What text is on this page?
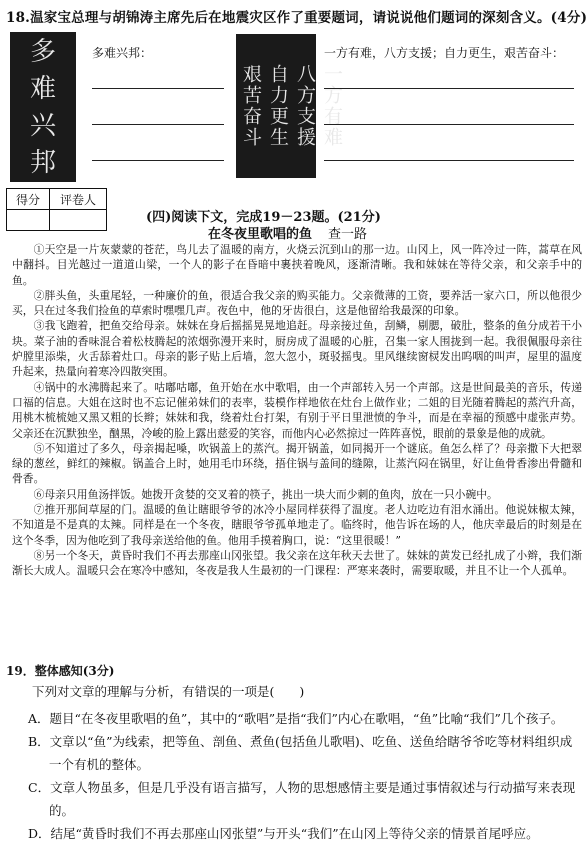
18.温家宝总理与胡锦涛主席先后在地震灾区作了重要题词，请说说他们题词的深刻含义。(4分)
多
难
兴
邦
多难兴邦：
一方有难
八方支援
自力更生
艰苦奋斗
一方有难，八方支援；自力更生，艰苦奋斗：
得分	评卷人

(四)阅读下文，完成19－23题。(21分)
在冬夜里歌唱的鱼 查一路

①天空是一片灰蒙蒙的苍茫，鸟儿去了温暖的南方，火烧云沉到山的那一边。山冈上，风一阵冷过一阵，蒿草在风中翻抖。目光越过一道道山梁，一个人的影子在昏暗中裹挟着晚风，逐渐清晰。我和妹妹在等待父亲，和父亲手中的鱼。

②胖头鱼，头重尾轻，一种廉价的鱼，很适合我父亲的购买能力。父亲微薄的工资，要养活一家六口，所以他很少买，只在过冬我们捡鱼的草索时嘿嘿几声。夜色中，他的牙齿很白，这是他留给我最深的印象。

③我飞跑着，把鱼交给母亲。妹妹在身后摇摇晃晃地追赶。母亲接过鱼，刮鳞，剔腮，破肚，整条的鱼分成若干小块。菜子油的香味混合着松枝腾起的浓烟弥漫开来时，厨房成了温暖的心脏，召集一家人围拢到一起。我很佩服母亲往炉膛里添柴，火舌舔着灶口。母亲的影子贴上后墙，忽大忽小，斑驳摇曳。里风继续窗棂发出呜咽的叫声，屋里的温度升起来，热量向着寒冷四散突围。

④锅中的水沸腾起来了。咕嘟咕嘟，鱼开始在水中歌唱，由一个声部转入另一个声部。这是世间最美的音乐，传递口福的信息。大姐在这时也不忘记催弟妹们的表率，装模作样地依在灶台上做作业；二姐的目光随着腾起的蒸汽升高，用桃木梳梳她又黑又粗的长辫；妹妹和我，绕着灶台打架，有别于平日里泄愤的争斗，而是在幸福的预感中虚张声势。父亲还在沉默独坐，酗黑，冷峻的脸上露出慈爱的笑容，而他内心必然掠过一阵阵喜悦，眼前的景象是他的成就。

⑤不知道过了多久，母亲揭起嗓，吹锅盖上的蒸汽。揭开锅盖，如同揭开一个谜底。鱼怎么样了？母亲撒下大把翠绿的葱丝，鲜红的辣椒。锅盖合上时，她用毛巾环绕，捂住锅与盖间的缝隙，让蒸汽闷在锅里，好让鱼骨香渗出骨髓和骨香。

⑥母亲只用鱼汤拌饭。她拨开贪婪的交叉着的筷子，挑出一块大而少刺的鱼肉，放在一只小碗中。

⑦推开那间草屋的门。温暖的鱼让瞎眼爷爷的冰冷小屋同样获得了温度。老人边吃边有泪水涌出。他说妹椒太辣，不知道是不是真的太辣。同样是在一个冬夜，瞎眼爷爷孤单地走了。临终时，他告诉在场的人，他庆幸最后的时刻是在这个冬季，因为他吃到了我母亲送给他的鱼。他用手摸着胸口，说：“这里很暖！”

⑧另一个冬天，黄昏时我们不再去那座山冈张望。我父亲在这年秋天去世了。妹妹的黄发已经扎成了小辫，我们渐渐长大成人。温暖只会在寒冷中感知，冬夜是我人生最初的一门课程：严寒来袭时，需要取暖，并且不让一个人孤单。

19．整体感知(3分)
下列对文章的理解与分析，有错误的一项是(　　)
A．题目“在冬夜里歌唱的鱼”，其中的“歌唱”是指“我们”内心在歌唱，“鱼”比喻“我们”几个孩子。
B．文章以“鱼”为线索，把等鱼、剖鱼、煮鱼(包括鱼儿歌唱)、吃鱼、送鱼给瞎爷爷吃等材料组织成一个有机的整体。
C．文章人物虽多，但是几乎没有语言描写，人物的思想感情主要是通过事情叙述与行动描写来表现的。
D．结尾“黄昏时我们不再去那座山冈张望”与开头“我们”在山冈上等待父亲的情景首尾呼应。
